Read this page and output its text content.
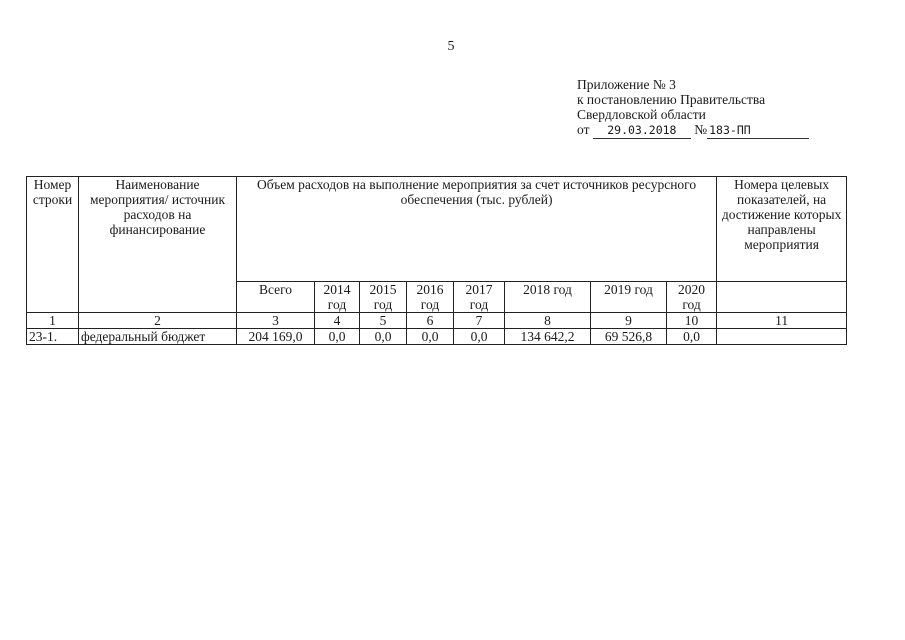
5
Приложение № 3
к постановлению Правительства
Свердловской области
от 29.03.2018 № 183-ПП
Номер строки	Наименование мероприятия/ источник расходов на финансирование	Объем расходов на выполнение мероприятия за счет источников ресурсного обеспечения (тыс. рублей)								Номера целевых показателей, на достижение которых направлены мероприятия
		Всего	2014 год	2015 год	2016 год	2017 год	2018 год	2019 год	2020 год	
1	2	3	4	5	6	7	8	9	10	11
23-1.	федеральный бюджет	204 169,0	0,0	0,0	0,0	0,0	134 642,2	69 526,8	0,0	
